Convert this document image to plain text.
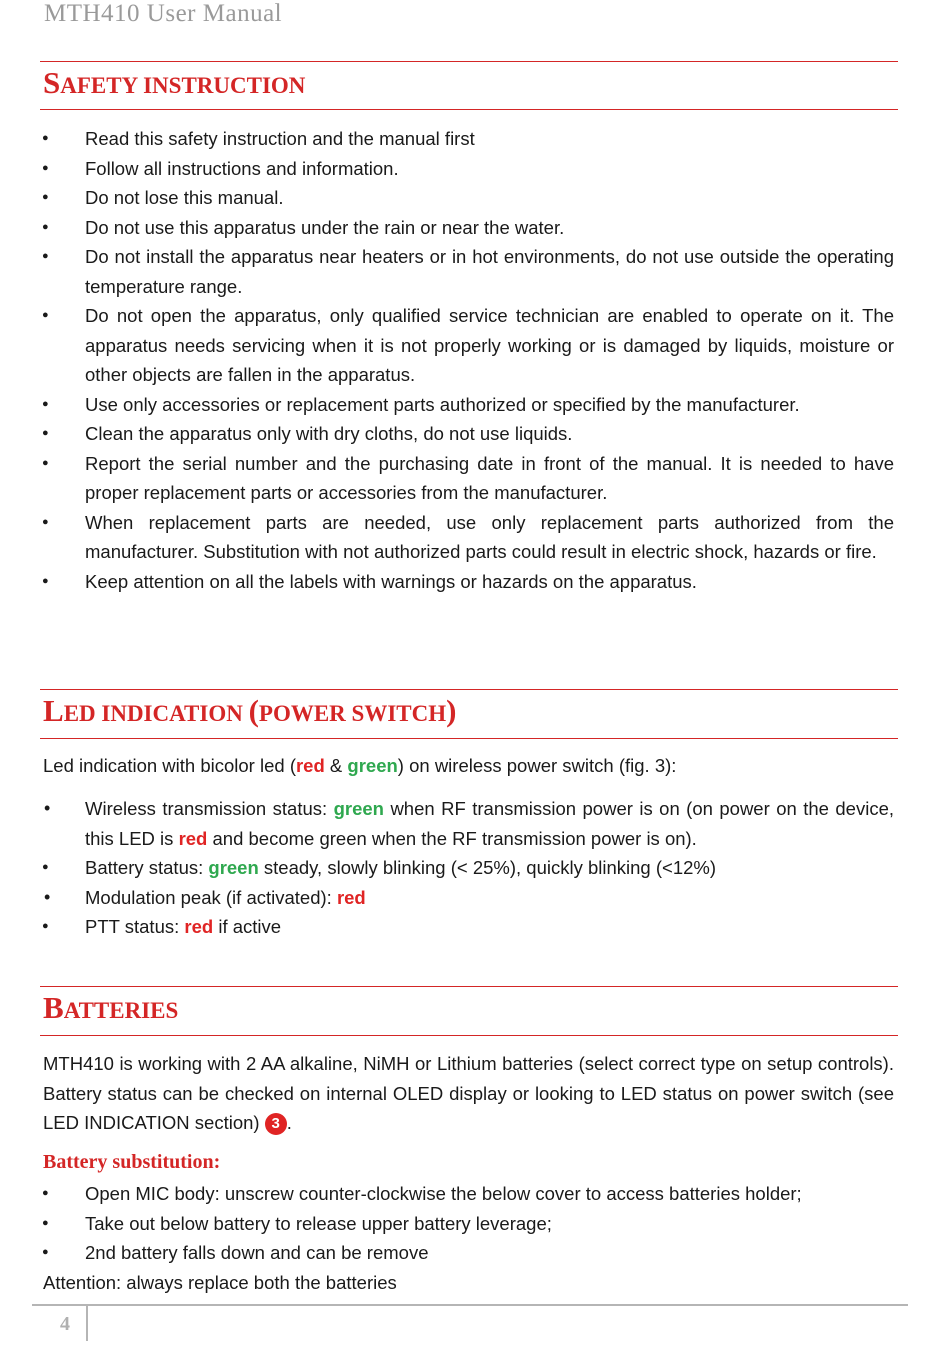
MTH410 User Manual
SAFETY INSTRUCTION
● Read this safety instruction and the manual first
● Follow all instructions and information.
● Do not lose this manual.
● Do not use this apparatus under the rain or near the water.
● Do not install the apparatus near heaters or in hot environments, do not use outside the operating temperature range.
● Do not open the apparatus, only qualified service technician are enabled to operate on it. The apparatus needs servicing when it is not properly working or is damaged by liquids, moisture or other objects are fallen in the apparatus.
● Use only accessories or replacement parts authorized or specified by the manufacturer.
● Clean the apparatus only with dry cloths, do not use liquids.
● Report the serial number and the purchasing date in front of the manual. It is needed to have proper replacement parts or accessories from the manufacturer.
● When replacement parts are needed, use only replacement parts authorized from the manufacturer. Substitution with not authorized parts could result in electric shock, hazards or fire.
● Keep attention on all the labels with warnings or hazards on the apparatus.
LED INDICATION (POWER SWITCH)
Led indication with bicolor led (red & green) on wireless power switch (fig. 3):
• Wireless transmission status: green when RF transmission power is on (on power on the device, this LED is red and become green when the RF transmission power is on).
● Battery status: green steady, slowly blinking (< 25%), quickly blinking (<12%)
• Modulation peak (if activated): red
● PTT status: red if active
BATTERIES
MTH410 is working with 2 AA alkaline, NiMH or Lithium batteries (select correct type on setup controls). Battery status can be checked on internal OLED display or looking to LED status on power switch (see LED INDICATION section) 3 .
Battery substitution:
● Open MIC body: unscrew counter-clockwise the below cover to access batteries holder;
● Take out below battery to release upper battery leverage;
● 2nd battery falls down and can be remove
Attention: always replace both the batteries
4
